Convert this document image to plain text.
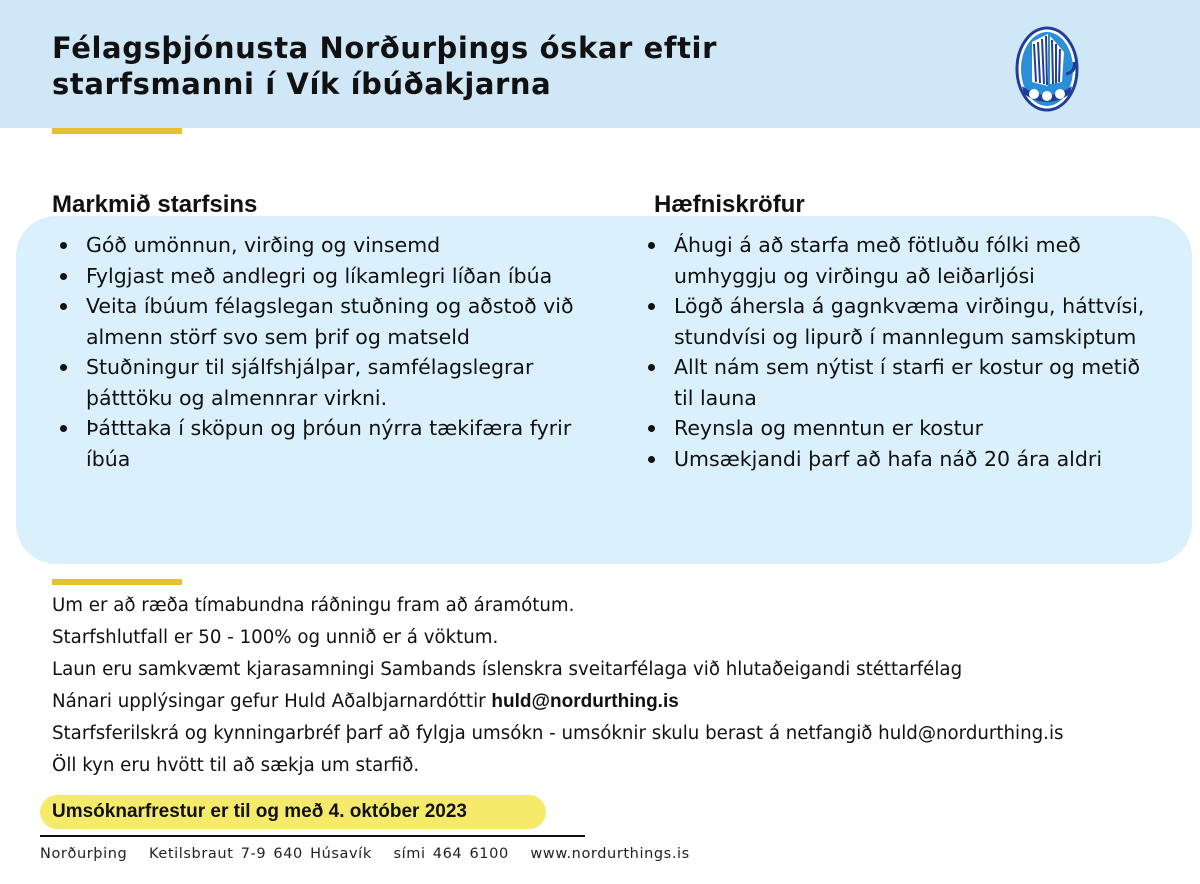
Félagsþjónusta Norðurþings óskar eftir
starfsmanni í Vík íbúðakjarna
Markmið starfsins
Góð umönnun, virðing og vinsemd
Fylgjast með andlegri og líkamlegri líðan íbúa
Veita íbúum félagslegan stuðning og aðstoð við almenn störf svo sem þrif og matseld
Stuðningur til sjálfshjálpar, samfélagslegrar þátttöku og almennrar virkni.
Þátttaka í sköpun og þróun nýrra tækifæra fyrir íbúa
Hæfniskröfur
Áhugi á að starfa með fötluðu fólki með umhyggju og virðingu að leiðarljósi
Lögð áhersla á gagnkvæma virðingu, háttvísi, stundvísi og lipurð í mannlegum samskiptum
Allt nám sem nýtist í starfi er kostur og metið til launa
Reynsla og menntun er kostur
Umsækjandi þarf að hafa náð 20 ára aldri
Um er að ræða tímabundna ráðningu fram að áramótum.
Starfshlutfall er 50 - 100% og unnið er á vöktum.
Laun eru samkvæmt kjarasamningi Sambands íslenskra sveitarfélaga við hlutaðeigandi stéttarfélag
Nánari upplýsingar gefur Huld Aðalbjarnardóttir huld@nordurthing.is
Starfsferilskrá og kynningarbréf þarf að fylgja umsókn - umsóknir skulu berast á netfangið huld@nordurthing.is
Öll kyn eru hvött til að sækja um starfið.
Umsóknarfrestur er til og með 4. október 2023

Norðurþing   Ketilsbraut 7-9 640 Húsavík   sími 464 6100   www.nordurthings.is
